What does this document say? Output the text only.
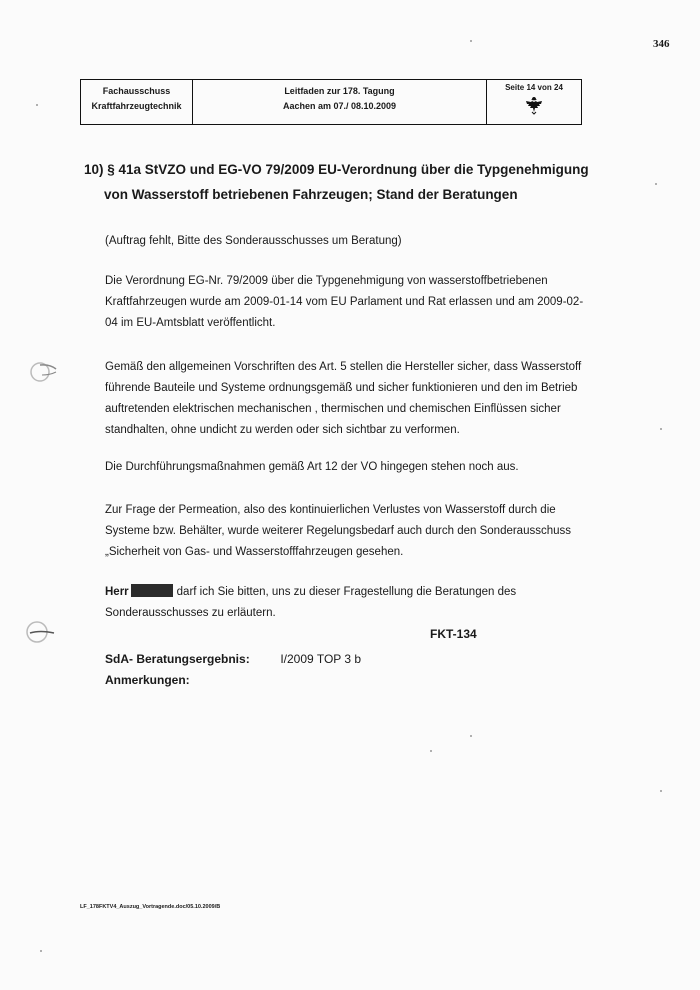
346
Fachausschuss
Kraftfahrzeugtechnik
Leitfaden zur 178. Tagung
Aachen am 07./ 08.10.2009
Seite 14 von 24
10) § 41a StVZO und EG-VO 79/2009 EU-Verordnung über die Typgenehmigung
von Wasserstoff betriebenen Fahrzeugen; Stand der Beratungen
(Auftrag fehlt, Bitte des Sonderausschusses um Beratung)
Die Verordnung EG-Nr. 79/2009 über die Typgenehmigung von wasserstoffbetriebenen Kraftfahrzeugen wurde am 2009-01-14 vom EU Parlament und Rat erlassen und am 2009-02-04 im EU-Amtsblatt veröffentlicht.
Gemäß den allgemeinen Vorschriften des Art. 5 stellen die Hersteller sicher, dass Wasserstoff führende Bauteile und Systeme ordnungsgemäß und sicher funktionieren und den im Betrieb auftretenden elektrischen mechanischen , thermischen und chemischen Einflüssen sicher standhalten, ohne undicht zu werden oder sich sichtbar zu verformen.
Die Durchführungsmaßnahmen gemäß Art 12 der VO hingegen stehen noch aus.
Zur Frage der Permeation, also des kontinuierlichen Verlustes von Wasserstoff durch die Systeme bzw. Behälter, wurde weiterer Regelungsbedarf auch durch den Sonderausschuss „Sicherheit von Gas- und Wasserstofffahrzeugen gesehen.
Herr	darf ich Sie bitten, uns zu dieser Fragestellung die Beratungen des Sonderausschusses zu erläutern.
FKT-134
SdA- Beratungsergebnis:	I/2009 TOP 3 b
Anmerkungen:
LF_178FKTV4_Auszug_Vortragende.doc/05.10.2009/B
